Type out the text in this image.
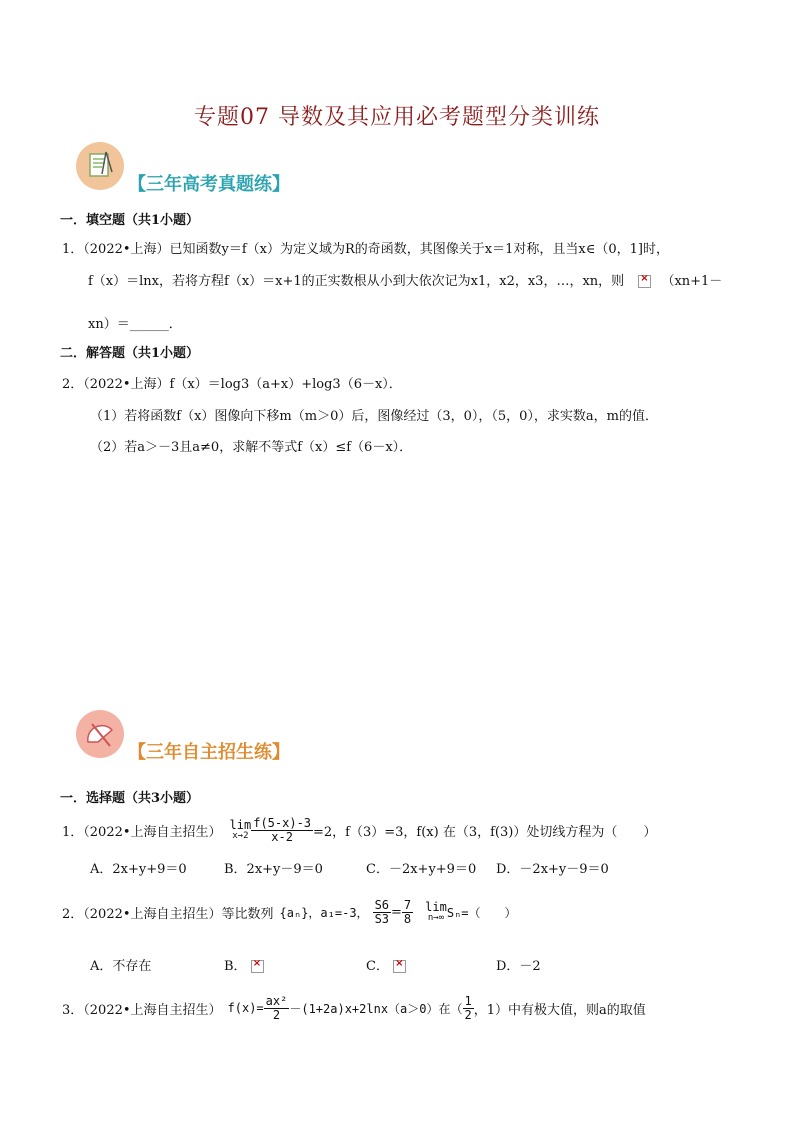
专题07 导数及其应用必考题型分类训练
【三年高考真题练】
一．填空题（共1小题）
1．（2022•上海）已知函数y＝f（x）为定义域为R的奇函数，其图像关于x＝1对称，且当x∈（0，1]时，
f（x）＝lnx，若将方程f（x）＝x+1的正实数根从小到大依次记为x1，x2，x3，…，xn，则 ×	（xn+1－
xn）＝______．
二．解答题（共1小题）
2．（2022•上海）f（x）＝log3（a+x）+log3（6－x）．
（1）若将函数f（x）图像向下移m（m＞0）后，图像经过（3，0），（5，0），求实数a，m的值．
（2）若a＞－3且a≠0，求解不等式f（x）≤f（6－x）．
【三年自主招生练】
一．选择题（共3小题）
1．（2022•上海自主招生） lim
$x\to 2 \frac{f(5-x)-3}{x-2} =2$，f（3）=3，f(x) 在（3，f(3)）处切线方程为（　　）
A．2x+y+9＝0	B．2x+y－9＝0	C．－2x+y+9＝0 D．－2x+y－9＝0
2．（2022•上海自主招生）等比数列 {aₙ}，a₁=-3， $\frac{S6}{S3} = \frac{7}{8}$ lim
n→∞ Sₙ=（　　）
A．不存在	B． ×	C． ×	D．－2
3．（2022•上海自主招生） $f(x)= \frac{\text{ax²}}{2} -(1+2a)x+2\ln x(a>0)$在（ $\frac{1}{2}$ ，1）中有极大值，则a的取值
